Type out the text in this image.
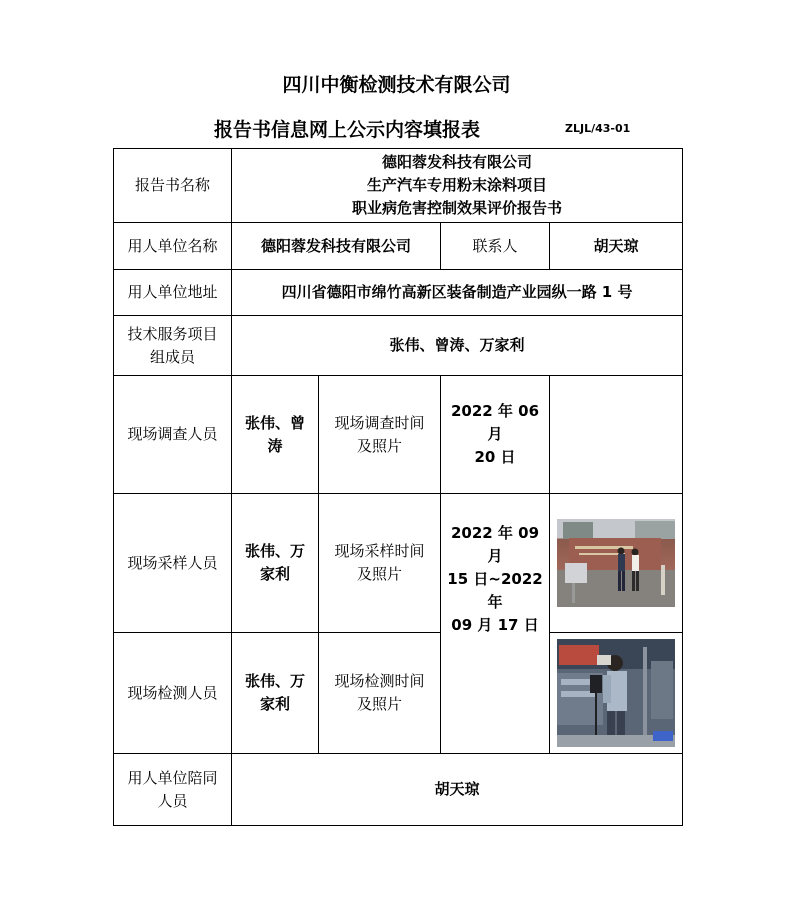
四川中衡检测技术有限公司
报告书信息网上公示内容填报表	ZLJL/43-01
报告书名称	德阳蓉发科技有限公司
生产汽车专用粉末涂料项目
职业病危害控制效果评价报告书			

用人单位名称	德阳蓉发科技有限公司		联系人	胡天琼
用人单位地址	四川省德阳市绵竹高新区装备制造产业园纵一路 1 号			

技术服务项目
组成员	张伟、曾涛、万家利			
现场调查人员	张伟、曾
涛	现场调查时间
及照片	2022 年 06 月
20 日	

现场采样人员	张伟、万
家利	现场采样时间
及照片	2022 年 09 月
15 日~2022 年
09 月 17 日

现场检测人员	张伟、万
家利	现场检测时间
及照片

用人单位陪同
人员	胡天琼			
